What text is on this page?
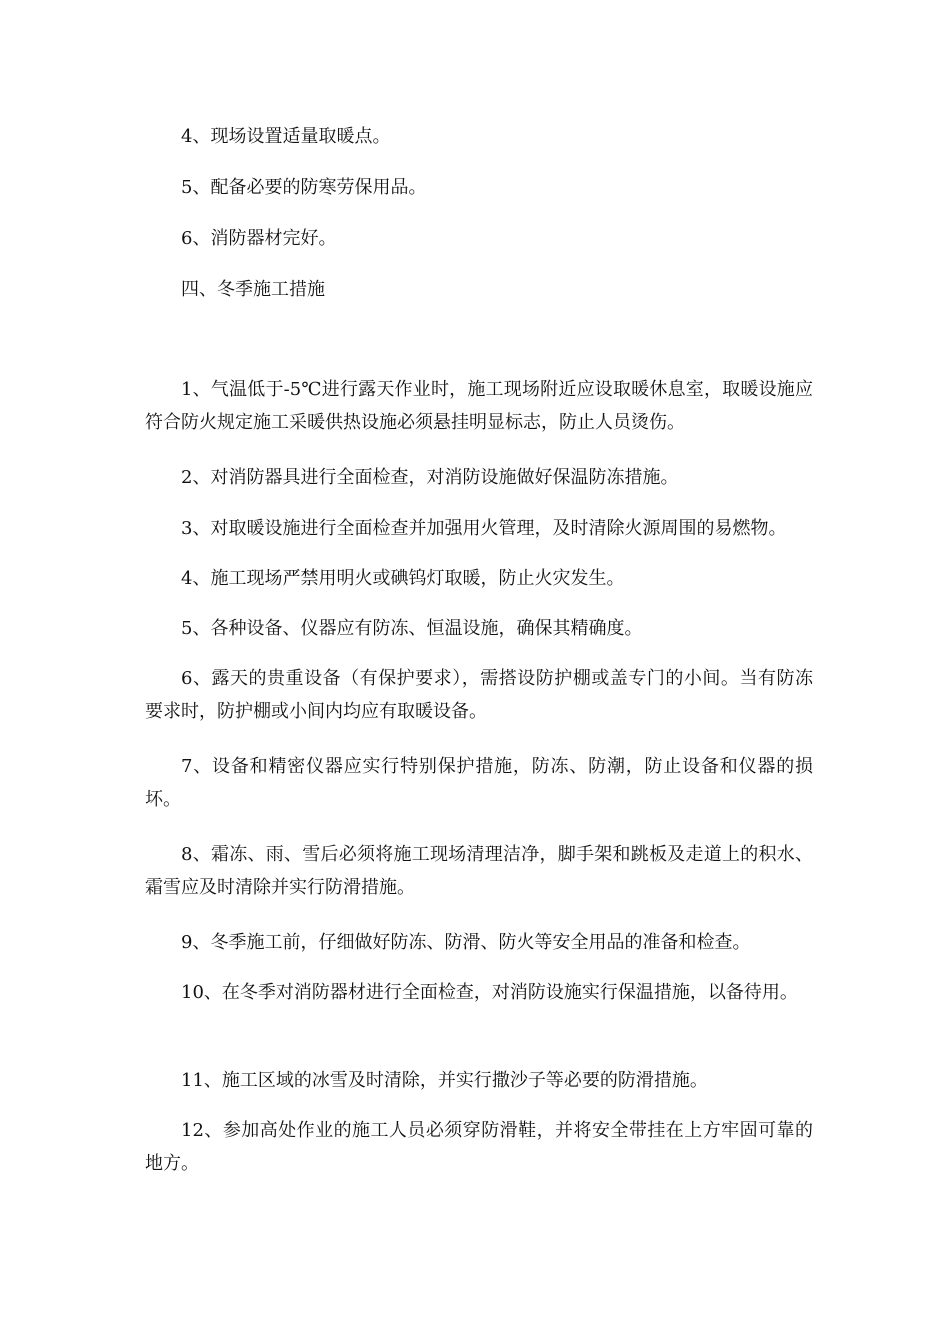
4、现场设置适量取暖点。

5、配备必要的防寒劳保用品。

6、消防器材完好。

四、冬季施工措施

1、气温低于-5℃进行露天作业时，施工现场附近应设取暖休息室，取暖设施应符合防火规定施工采暖供热设施必须悬挂明显标志，防止人员烫伤。

2、对消防器具进行全面检查，对消防设施做好保温防冻措施。

3、对取暖设施进行全面检查并加强用火管理，及时清除火源周围的易燃物。

4、施工现场严禁用明火或碘钨灯取暖，防止火灾发生。

5、各种设备、仪器应有防冻、恒温设施，确保其精确度。

6、露天的贵重设备（有保护要求），需搭设防护棚或盖专门的小间。当有防冻要求时，防护棚或小间内均应有取暖设备。

7、设备和精密仪器应实行特别保护措施，防冻、防潮，防止设备和仪器的损坏。

8、霜冻、雨、雪后必须将施工现场清理洁净，脚手架和跳板及走道上的积水、霜雪应及时清除并实行防滑措施。

9、冬季施工前，仔细做好防冻、防滑、防火等安全用品的准备和检查。

10、在冬季对消防器材进行全面检查，对消防设施实行保温措施，以备待用。

11、施工区域的冰雪及时清除，并实行撒沙子等必要的防滑措施。

12、参加高处作业的施工人员必须穿防滑鞋，并将安全带挂在上方牢固可靠的地方。
